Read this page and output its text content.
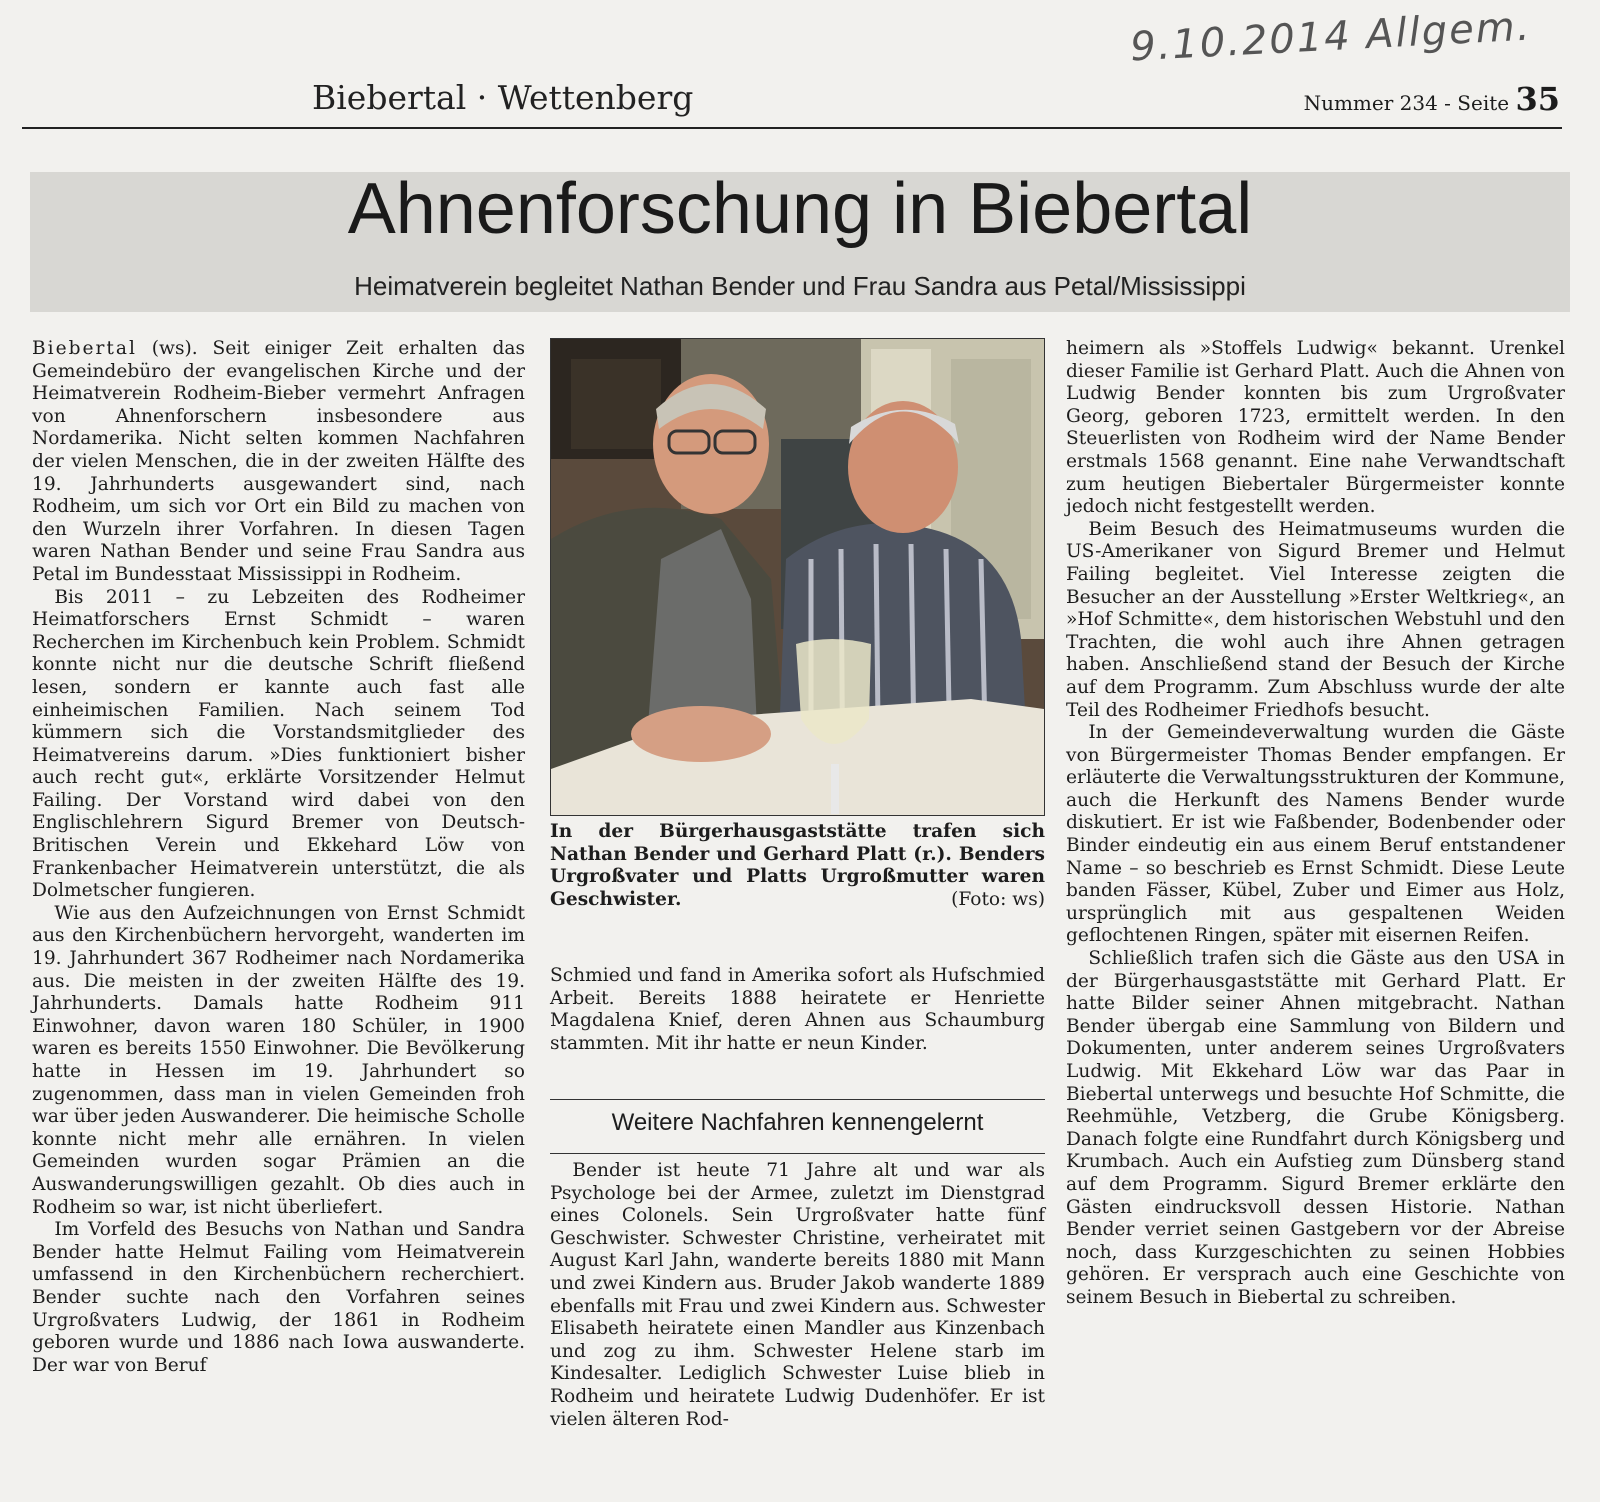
9.10.2014 Allgem.
Biebertal · Wettenberg	Nummer 234 - Seite 35
Ahnenforschung in Biebertal
Heimatverein begleitet Nathan Bender und Frau Sandra aus Petal/Mississippi

Biebertal (ws). Seit einiger Zeit erhalten das Gemeindebüro der evangelischen Kirche und der Heimatverein Rodheim-Bieber vermehrt Anfragen von Ahnenforschern insbesondere aus Nordamerika. Nicht selten kommen Nachfahren der vielen Menschen, die in der zweiten Hälfte des 19. Jahrhunderts ausgewandert sind, nach Rodheim, um sich vor Ort ein Bild zu machen von den Wurzeln ihrer Vorfahren. In diesen Tagen waren Nathan Bender und seine Frau Sandra aus Petal im Bundesstaat Mississippi in Rodheim.

Bis 2011 – zu Lebzeiten des Rodheimer Heimatforschers Ernst Schmidt – waren Recherchen im Kirchenbuch kein Problem. Schmidt konnte nicht nur die deutsche Schrift fließend lesen, sondern er kannte auch fast alle einheimischen Familien. Nach seinem Tod kümmern sich die Vorstandsmitglieder des Heimatvereins darum. »Dies funktioniert bisher auch recht gut«, erklärte Vorsitzender Helmut Failing. Der Vorstand wird dabei von den Englischlehrern Sigurd Bremer von Deutsch-Britischen Verein und Ekkehard Löw von Frankenbacher Heimatverein unterstützt, die als Dolmetscher fungieren.

Wie aus den Aufzeichnungen von Ernst Schmidt aus den Kirchenbüchern hervorgeht, wanderten im 19. Jahrhundert 367 Rodheimer nach Nordamerika aus. Die meisten in der zweiten Hälfte des 19. Jahrhunderts. Damals hatte Rodheim 911 Einwohner, davon waren 180 Schüler, in 1900 waren es bereits 1550 Einwohner. Die Bevölkerung hatte in Hessen im 19. Jahrhundert so zugenommen, dass man in vielen Gemeinden froh war über jeden Auswanderer. Die heimische Scholle konnte nicht mehr alle ernähren. In vielen Gemeinden wurden sogar Prämien an die Auswanderungswilligen gezahlt. Ob dies auch in Rodheim so war, ist nicht überliefert.

Im Vorfeld des Besuchs von Nathan und Sandra Bender hatte Helmut Failing vom Heimatverein umfassend in den Kirchenbüchern recherchiert. Bender suchte nach den Vorfahren seines Urgroßvaters Ludwig, der 1861 in Rodheim geboren wurde und 1886 nach Iowa auswanderte. Der war von Beruf

In der Bürgerhausgaststätte trafen sich Nathan Bender und Gerhard Platt (r.). Benders Urgroßvater und Platts Urgroßmutter waren Geschwister.	(Foto: ws)

Schmied und fand in Amerika sofort als Hufschmied Arbeit. Bereits 1888 heiratete er Henriette Magdalena Knief, deren Ahnen aus Schaumburg stammten. Mit ihr hatte er neun Kinder.

Weitere Nachfahren kennengelernt

Bender ist heute 71 Jahre alt und war als Psychologe bei der Armee, zuletzt im Dienstgrad eines Colonels. Sein Urgroßvater hatte fünf Geschwister. Schwester Christine, verheiratet mit August Karl Jahn, wanderte bereits 1880 mit Mann und zwei Kindern aus. Bruder Jakob wanderte 1889 ebenfalls mit Frau und zwei Kindern aus. Schwester Elisabeth heiratete einen Mandler aus Kinzenbach und zog zu ihm. Schwester Helene starb im Kindesalter. Lediglich Schwester Luise blieb in Rodheim und heiratete Ludwig Dudenhöfer. Er ist vielen älteren Rod-

heimern als »Stoffels Ludwig« bekannt. Urenkel dieser Familie ist Gerhard Platt. Auch die Ahnen von Ludwig Bender konnten bis zum Urgroßvater Georg, geboren 1723, ermittelt werden. In den Steuerlisten von Rodheim wird der Name Bender erstmals 1568 genannt. Eine nahe Verwandtschaft zum heutigen Biebertaler Bürgermeister konnte jedoch nicht festgestellt werden.

Beim Besuch des Heimatmuseums wurden die US-Amerikaner von Sigurd Bremer und Helmut Failing begleitet. Viel Interesse zeigten die Besucher an der Ausstellung »Erster Weltkrieg«, an »Hof Schmitte«, dem historischen Webstuhl und den Trachten, die wohl auch ihre Ahnen getragen haben. Anschließend stand der Besuch der Kirche auf dem Programm. Zum Abschluss wurde der alte Teil des Rodheimer Friedhofs besucht.

In der Gemeindeverwaltung wurden die Gäste von Bürgermeister Thomas Bender empfangen. Er erläuterte die Verwaltungsstrukturen der Kommune, auch die Herkunft des Namens Bender wurde diskutiert. Er ist wie Faßbender, Bodenbender oder Binder eindeutig ein aus einem Beruf entstandener Name – so beschrieb es Ernst Schmidt. Diese Leute banden Fässer, Kübel, Zuber und Eimer aus Holz, ursprünglich mit aus gespaltenen Weiden geflochtenen Ringen, später mit eisernen Reifen.

Schließlich trafen sich die Gäste aus den USA in der Bürgerhausgaststätte mit Gerhard Platt. Er hatte Bilder seiner Ahnen mitgebracht. Nathan Bender übergab eine Sammlung von Bildern und Dokumenten, unter anderem seines Urgroßvaters Ludwig. Mit Ekkehard Löw war das Paar in Biebertal unterwegs und besuchte Hof Schmitte, die Reehmühle, Vetzberg, die Grube Königsberg. Danach folgte eine Rundfahrt durch Königsberg und Krumbach. Auch ein Aufstieg zum Dünsberg stand auf dem Programm. Sigurd Bremer erklärte den Gästen eindrucksvoll dessen Historie. Nathan Bender verriet seinen Gastgebern vor der Abreise noch, dass Kurzgeschichten zu seinen Hobbies gehören. Er versprach auch eine Geschichte von seinem Besuch in Biebertal zu schreiben.
